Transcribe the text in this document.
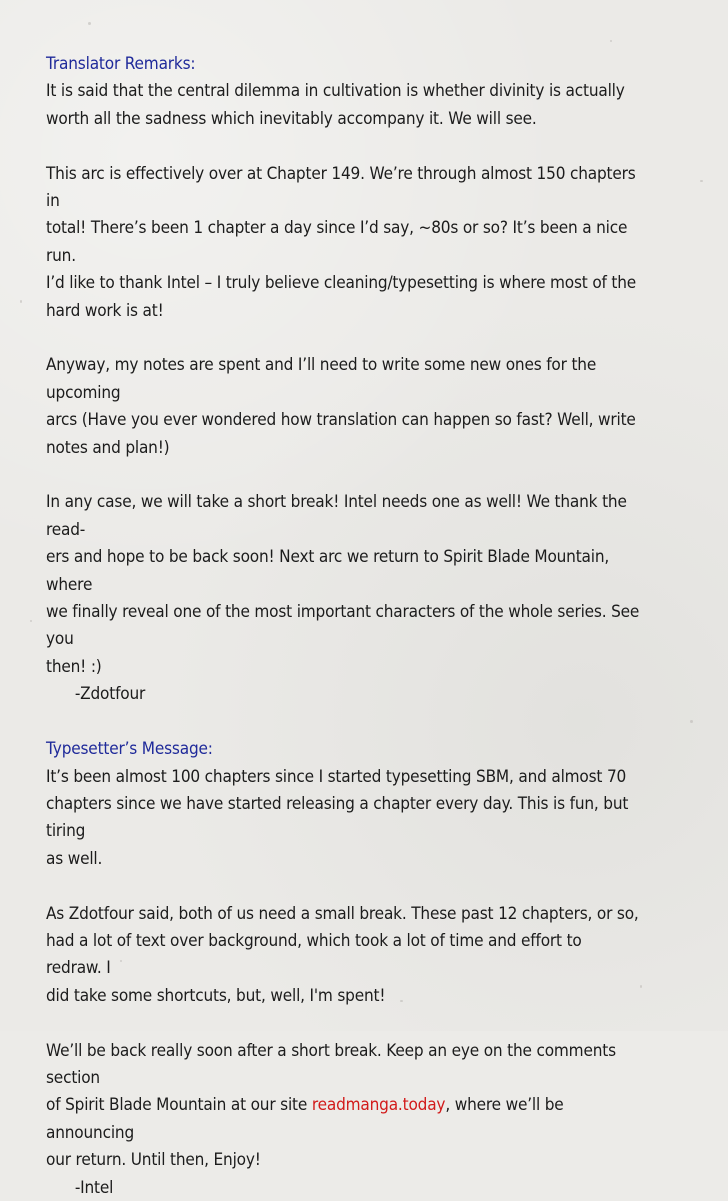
Translator Remarks:
It is said that the central dilemma in cultivation is whether divinity is actually
worth all the sadness which inevitably accompany it. We will see.
This arc is effectively over at Chapter 149. We’re through almost 150 chapters in
total! There’s been 1 chapter a day since I’d say, ~80s or so? It’s been a nice run.
I’d like to thank Intel – I truly believe cleaning/typesetting is where most of the
hard work is at!
Anyway, my notes are spent and I’ll need to write some new ones for the upcoming
arcs (Have you ever wondered how translation can happen so fast? Well, write
notes and plan!)
In any case, we will take a short break! Intel needs one as well! We thank the read-
ers and hope to be back soon! Next arc we return to Spirit Blade Mountain, where
we finally reveal one of the most important characters of the whole series. See you
then! :)
-Zdotfour
Typesetter’s Message:
It’s been almost 100 chapters since I started typesetting SBM, and almost 70
chapters since we have started releasing a chapter every day. This is fun, but tiring
as well.
As Zdotfour said, both of us need a small break. These past 12 chapters, or so,
had a lot of text over background, which took a lot of time and effort to redraw. I
did take some shortcuts, but, well, I'm spent!
We’ll be back really soon after a short break. Keep an eye on the comments section
of Spirit Blade Mountain at our site readmanga.today, where we’ll be announcing
our return. Until then, Enjoy!
-Intel
